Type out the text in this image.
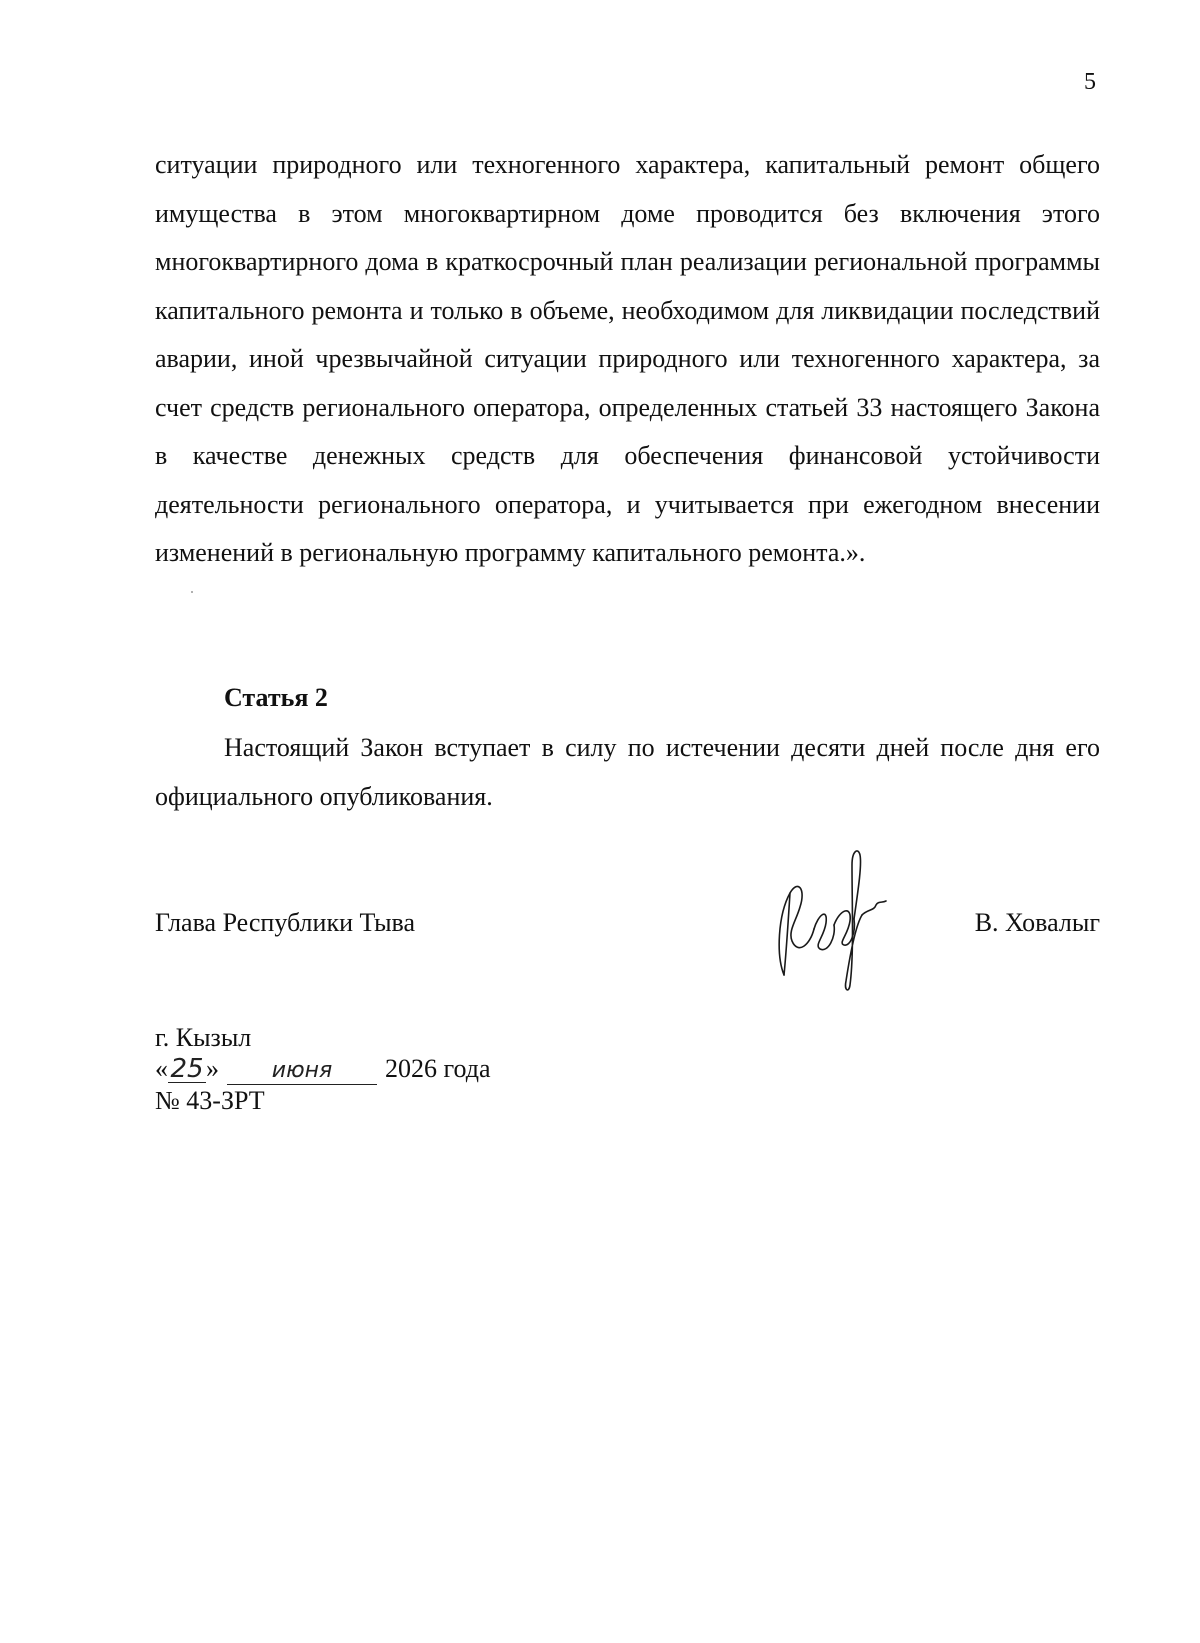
5

ситуации природного или техногенного характера, капитальный ремонт общего имущества в этом многоквартирном доме проводится без включения этого многоквартирного дома в краткосрочный план реализации региональной программы капитального ремонта и только в объеме, необходимом для ликвидации последствий аварии, иной чрезвычайной ситуации природного или техногенного характера, за счет средств регионального оператора, определенных статьей 33 настоящего Закона в качестве денежных средств для обеспечения финансовой устойчивости деятельности регионального оператора, и учитывается при ежегодном внесении изменений в региональную программу капитального ремонта.».

Статья 2

Настоящий Закон вступает в силу по истечении десяти дней после дня его официального опубликования.

Глава Республики Тыва	В. Ховалыг
г. Кызыл
«25» июня 2026 года
№ 43-ЗРТ
